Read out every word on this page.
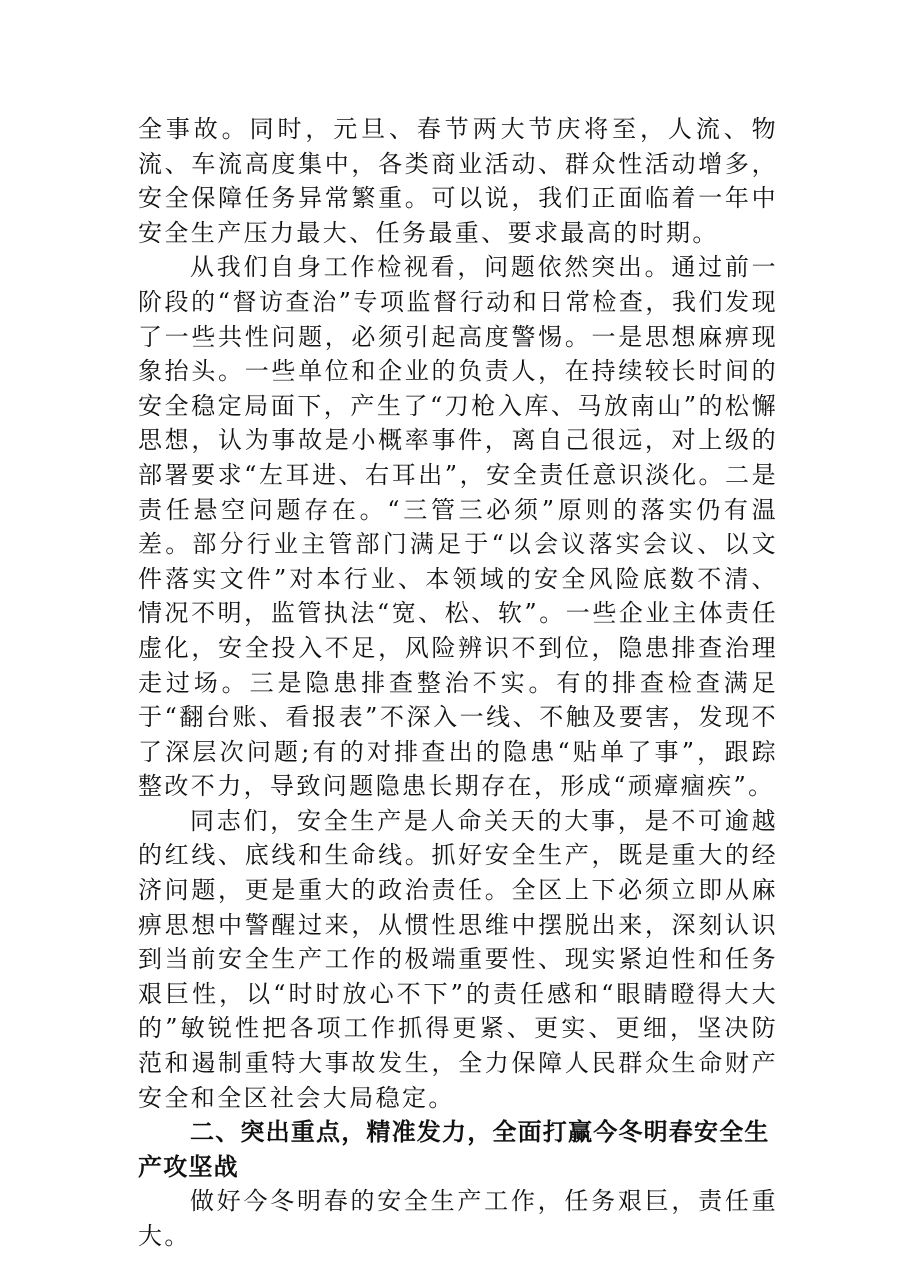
全事故。同时，元旦、春节两大节庆将至，人流、物流、车流高度集中，各类商业活动、群众性活动增多，安全保障任务异常繁重。可以说，我们正面临着一年中安全生产压力最大、任务最重、要求最高的时期。

从我们自身工作检视看，问题依然突出。通过前一阶段的“督访查治”专项监督行动和日常检查，我们发现了一些共性问题，必须引起高度警惕。一是思想麻痹现象抬头。一些单位和企业的负责人，在持续较长时间的安全稳定局面下，产生了“刀枪入库、马放南山”的松懈思想，认为事故是小概率事件，离自己很远，对上级的部署要求“左耳进、右耳出”，安全责任意识淡化。二是责任悬空问题存在。“三管三必须”原则的落实仍有温差。部分行业主管部门满足于“以会议落实会议、以文件落实文件”对本行业、本领域的安全风险底数不清、情况不明，监管执法“宽、松、软”。一些企业主体责任虚化，安全投入不足，风险辨识不到位，隐患排查治理走过场。三是隐患排查整治不实。有的排查检查满足于“翻台账、看报表”不深入一线、不触及要害，发现不了深层次问题;有的对排查出的隐患“贴单了事”，跟踪整改不力，导致问题隐患长期存在，形成“顽瘴痼疾”。

同志们，安全生产是人命关天的大事，是不可逾越的红线、底线和生命线。抓好安全生产，既是重大的经济问题，更是重大的政治责任。全区上下必须立即从麻痹思想中警醒过来，从惯性思维中摆脱出来，深刻认识到当前安全生产工作的极端重要性、现实紧迫性和任务艰巨性，以“时时放心不下”的责任感和“眼睛瞪得大大的”敏锐性把各项工作抓得更紧、更实、更细，坚决防范和遏制重特大事故发生，全力保障人民群众生命财产安全和全区社会大局稳定。

二、突出重点，精准发力，全面打赢今冬明春安全生产攻坚战

做好今冬明春的安全生产工作，任务艰巨，责任重大。
